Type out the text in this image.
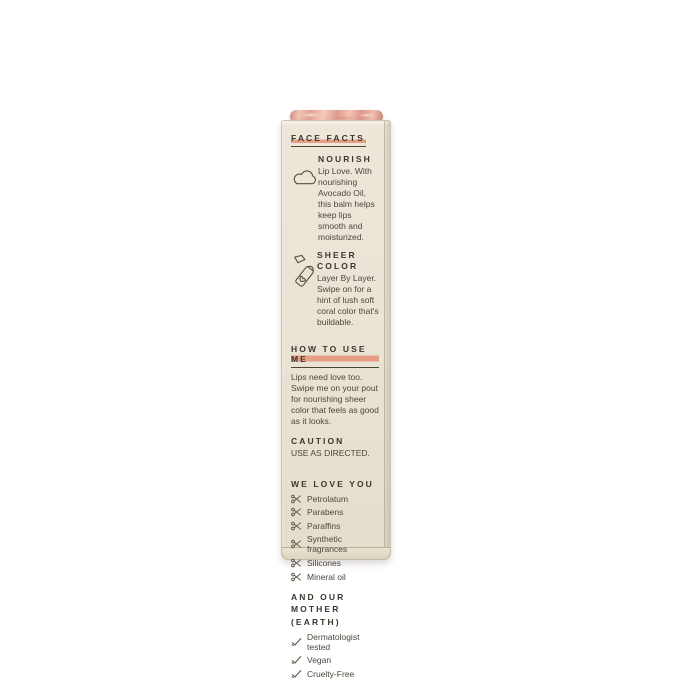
FACE FACTS
NOURISH

Lip Love. With nourishing Avocado Oil, this balm helps keep lips smooth and moisturized.

SHEER COLOR

Layer By Layer. Swipe on for a hint of lush soft coral color that's buildable.

HOW TO USE ME

Lips need love too. Swipe me on your pout for nourishing sheer color that feels as good as it looks.

CAUTION

USE AS DIRECTED.

WE LOVE YOU
Petrolatum
Parabens
Paraffins
Synthetic fragrances
Silicones
Mineral oil
AND OUR MOTHER
(EARTH)
Dermatologist tested
Vegan
Cruelty-Free
